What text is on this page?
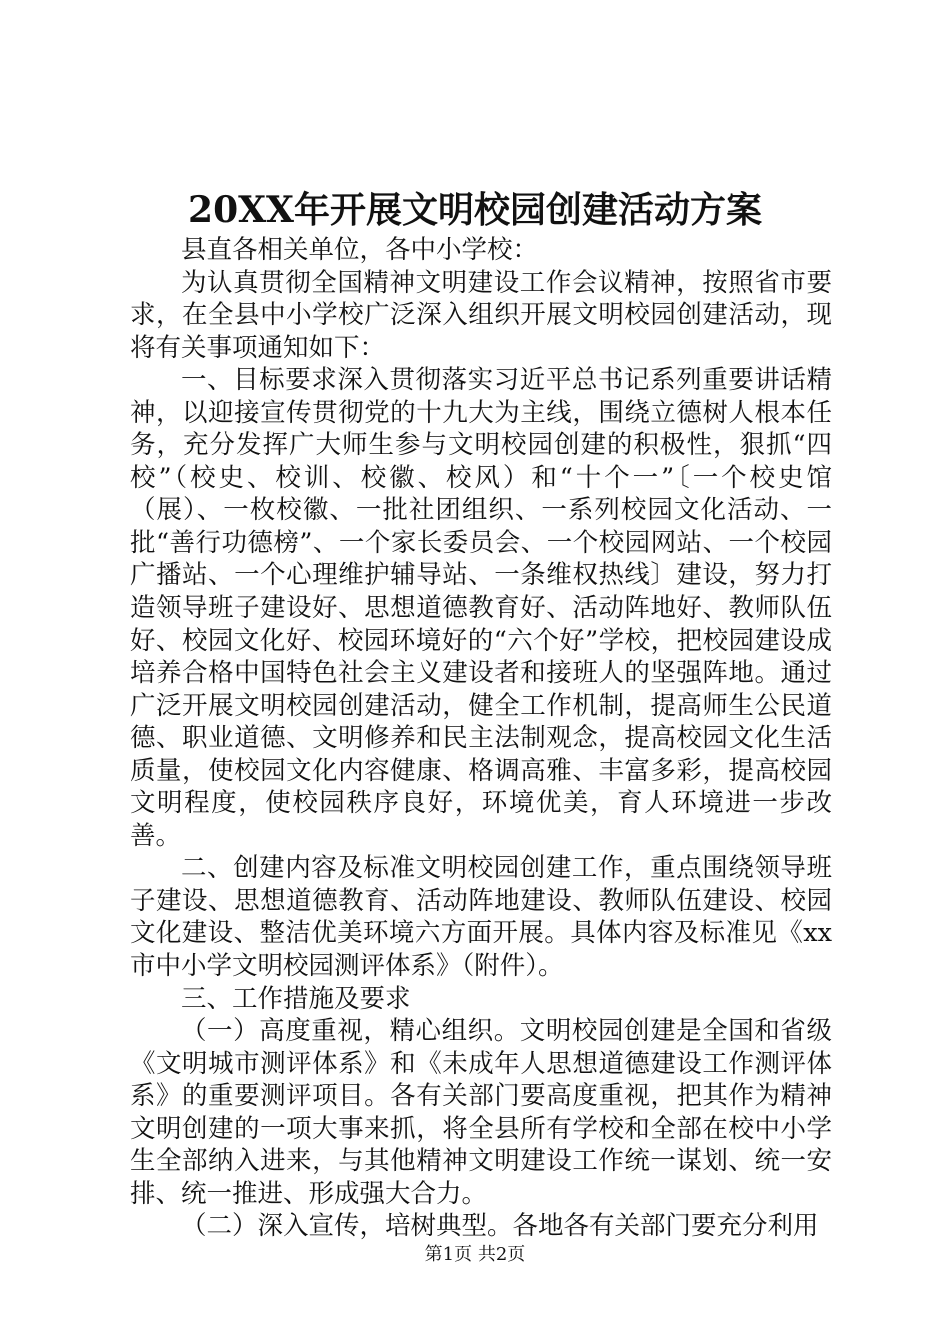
20XX年开展文明校园创建活动方案

县直各相关单位，各中小学校：

为认真贯彻全国精神文明建设工作会议精神，按照省市要求，在全县中小学校广泛深入组织开展文明校园创建活动，现将有关事项通知如下：

一、目标要求深入贯彻落实习近平总书记系列重要讲话精神，以迎接宣传贯彻党的十九大为主线，围绕立德树人根本任务，充分发挥广大师生参与文明校园创建的积极性，狠抓“四校”（校史、校训、校徽、校风）和“十个一”〔一个校史馆（展）、一枚校徽、一批社团组织、一系列校园文化活动、一批“善行功德榜”、一个家长委员会、一个校园网站、一个校园广播站、一个心理维护辅导站、一条维权热线〕建设，努力打造领导班子建设好、思想道德教育好、活动阵地好、教师队伍好、校园文化好、校园环境好的“六个好”学校，把校园建设成培养合格中国特色社会主义建设者和接班人的坚强阵地。通过广泛开展文明校园创建活动，健全工作机制，提高师生公民道德、职业道德、文明修养和民主法制观念，提高校园文化生活质量，使校园文化内容健康、格调高雅、丰富多彩，提高校园文明程度，使校园秩序良好，环境优美，育人环境进一步改善。

二、创建内容及标准文明校园创建工作，重点围绕领导班子建设、思想道德教育、活动阵地建设、教师队伍建设、校园文化建设、整洁优美环境六方面开展。具体内容及标准见《xx市中小学文明校园测评体系》（附件）。

三、工作措施及要求

（一）高度重视，精心组织。文明校园创建是全国和省级《文明城市测评体系》和《未成年人思想道德建设工作测评体系》的重要测评项目。各有关部门要高度重视，把其作为精神文明创建的一项大事来抓，将全县所有学校和全部在校中小学生全部纳入进来，与其他精神文明建设工作统一谋划、统一安排、统一推进、形成强大合力。

（二）深入宣传，培树典型。各地各有关部门要充分利用

第1页 共2页
